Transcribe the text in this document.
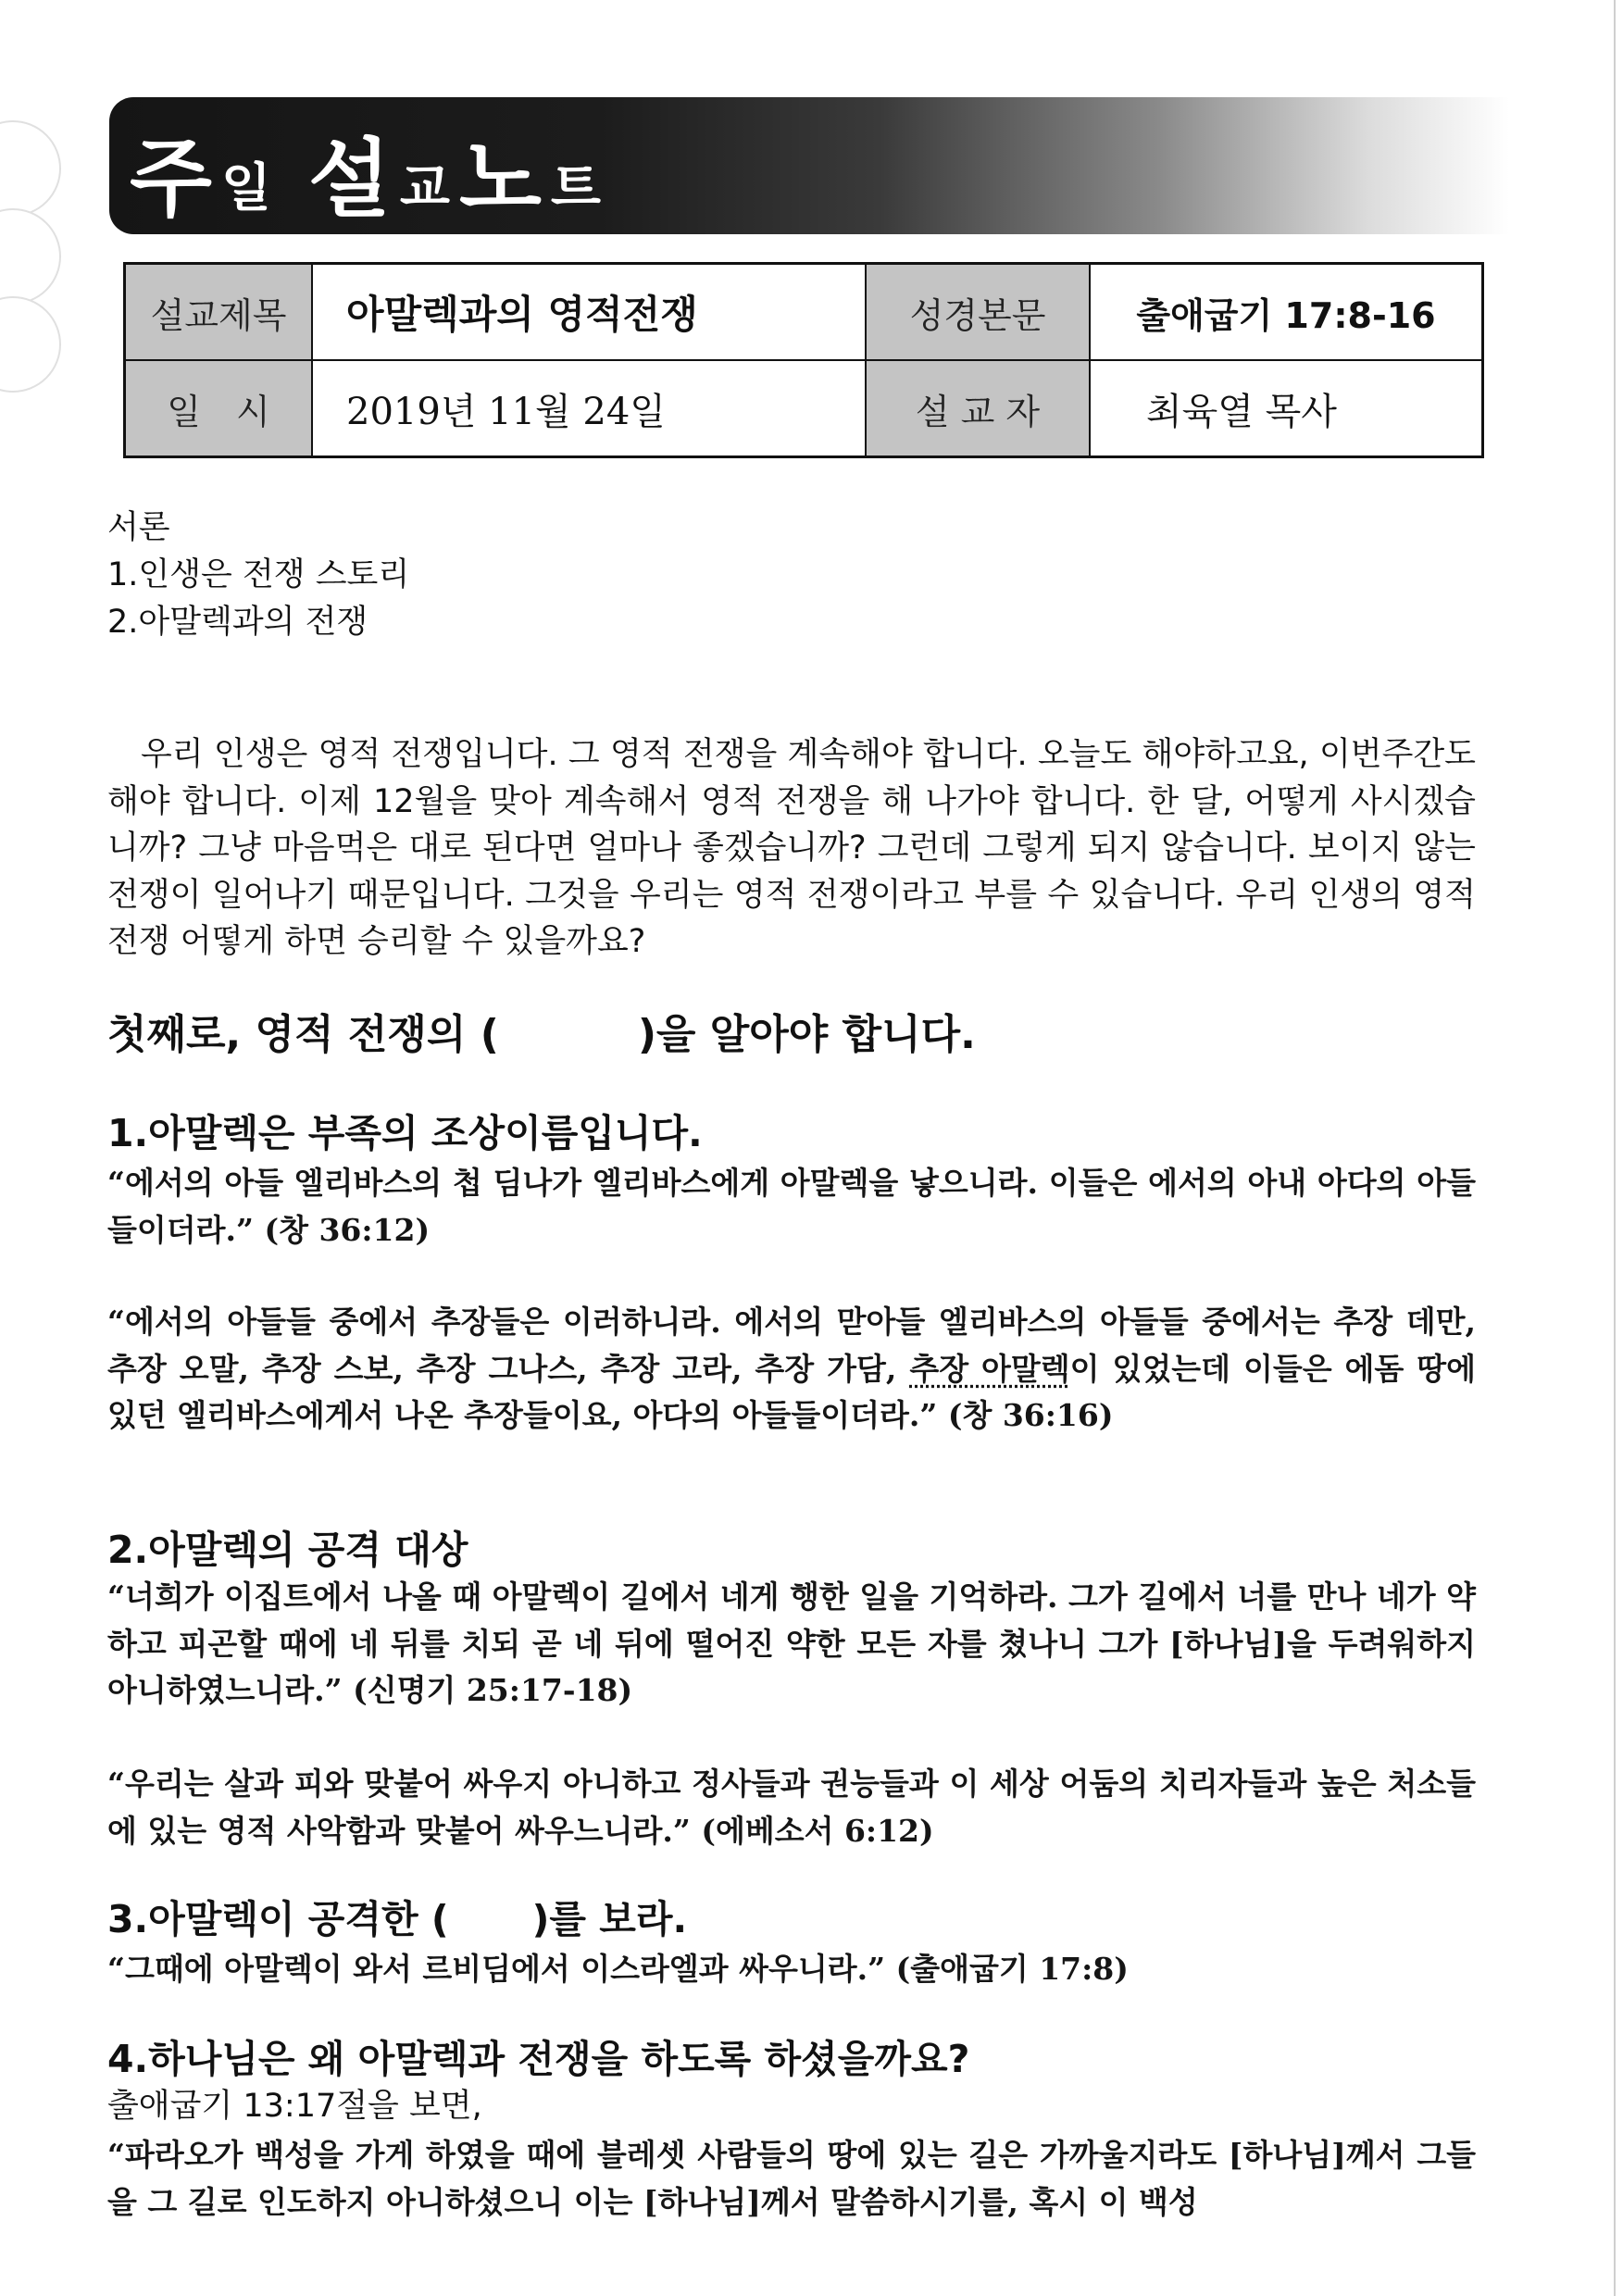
주 일 설 교 노 트
설교제목	아말렉과의 영적전쟁	성경본문	출애굽기 17:8-16
일　시	2019년 11월 24일	설 교 자	최육열 목사
서론
1.인생은 전쟁 스토리
2.아말렉과의 전쟁
우리 인생은 영적 전쟁입니다. 그 영적 전쟁을 계속해야 합니다. 오늘도 해야하고요, 이번주간도 해야 합니다. 이제 12월을 맞아 계속해서 영적 전쟁을 해 나가야 합니다. 한 달, 어떻게 사시겠습니까? 그냥 마음먹은 대로 된다면 얼마나 좋겠습니까? 그런데 그렇게 되지 않습니다. 보이지 않는 전쟁이 일어나기 때문입니다. 그것을 우리는 영적 전쟁이라고 부를 수 있습니다. 우리 인생의 영적 전쟁 어떻게 하면 승리할 수 있을까요?
첫째로, 영적 전쟁의 (	)을 알아야 합니다.
1.아말렉은 부족의 조상이름입니다.
“에서의 아들 엘리바스의 첩 딤나가 엘리바스에게 아말렉을 낳으니라. 이들은 에서의 아내 아다의 아들들이더라.” (창 36:12)
“에서의 아들들 중에서 추장들은 이러하니라. 에서의 맏아들 엘리바스의 아들들 중에서는 추장 데만, 추장 오말, 추장 스보, 추장 그나스, 추장 고라, 추장 가담, 추장 아말렉이 있었는데 이들은 에돔 땅에 있던 엘리바스에게서 나온 추장들이요, 아다의 아들들이더라.” (창 36:16)
2.아말렉의 공격 대상
“너희가 이집트에서 나올 때 아말렉이 길에서 네게 행한 일을 기억하라. 그가 길에서 너를 만나 네가 약하고 피곤할 때에 네 뒤를 치되 곧 네 뒤에 떨어진 약한 모든 자를 쳤나니 그가 [하나님]을 두려워하지 아니하였느니라.” (신명기 25:17-18)
“우리는 살과 피와 맞붙어 싸우지 아니하고 정사들과 권능들과 이 세상 어둠의 치리자들과 높은 처소들에 있는 영적 사악함과 맞붙어 싸우느니라.” (에베소서 6:12)
3.아말렉이 공격한 ( )를 보라.
“그때에 아말렉이 와서 르비딤에서 이스라엘과 싸우니라.” (출애굽기 17:8)
4.하나님은 왜 아말렉과 전쟁을 하도록 하셨을까요?
출애굽기 13:17절을 보면,
“파라오가 백성을 가게 하였을 때에 블레셋 사람들의 땅에 있는 길은 가까울지라도 [하나님]께서 그들을 그 길로 인도하지 아니하셨으니 이는 [하나님]께서 말씀하시기를, 혹시 이 백성
